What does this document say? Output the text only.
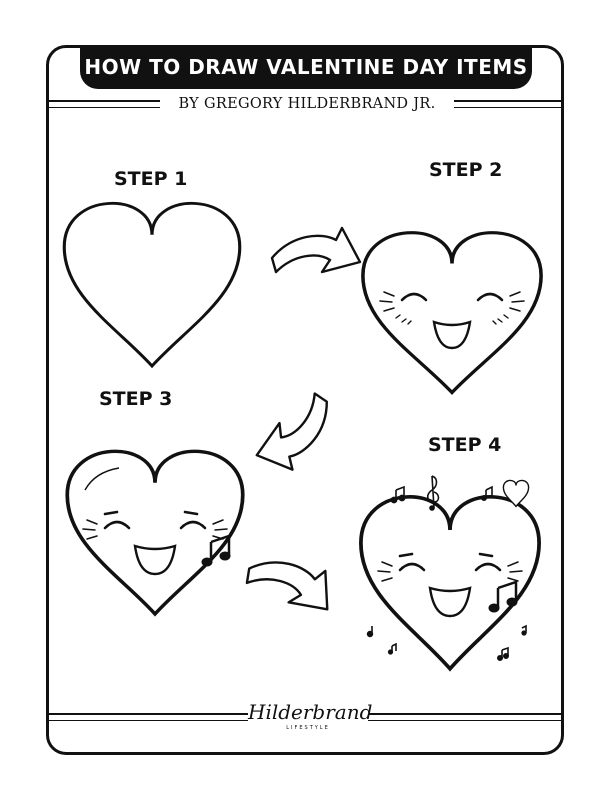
HOW TO DRAW VALENTINE DAY ITEMS
BY GREGORY HILDERBRAND JR.
STEP 1	STEP 2
STEP 3
STEP 4
Hilderbrand
LIFESTYLE
